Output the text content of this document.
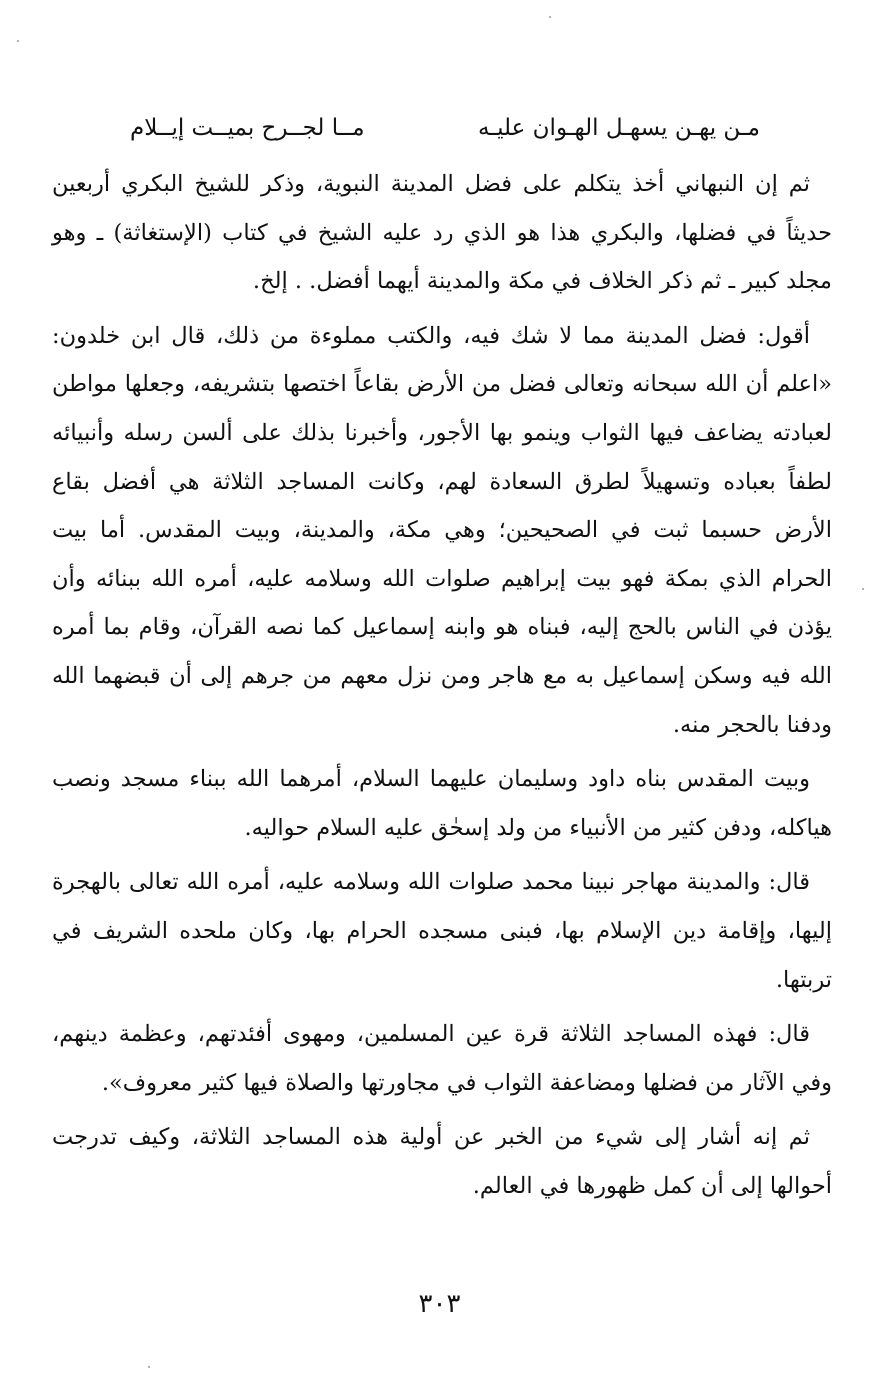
مـن يهـن يسهـل الهـوان عليـه
مــا لجــرح بميــت إيــلام

ثم إن النبهاني أخذ يتكلم على فضل المدينة النبوية، وذكر للشيخ البكري أربعين حديثاً في فضلها، والبكري هذا هو الذي رد عليه الشيخ في كتاب (الإستغاثة) ـ وهو مجلد كبير ـ ثم ذكر الخلاف في مكة والمدينة أيهما أفضل. . إلخ.

أقول: فضل المدينة مما لا شك فيه، والكتب مملوءة من ذلك، قال ابن خلدون: «اعلم أن الله سبحانه وتعالى فضل من الأرض بقاعاً اختصها بتشريفه، وجعلها مواطن لعبادته يضاعف فيها الثواب وينمو بها الأجور، وأخبرنا بذلك على ألسن رسله وأنبيائه لطفاً بعباده وتسهيلاً لطرق السعادة لهم، وكانت المساجد الثلاثة هي أفضل بقاع الأرض حسبما ثبت في الصحيحين؛ وهي مكة، والمدينة، وبيت المقدس. أما بيت الحرام الذي بمكة فهو بيت إبراهيم صلوات الله وسلامه عليه، أمره الله ببنائه وأن يؤذن في الناس بالحج إليه، فبناه هو وابنه إسماعيل كما نصه القرآن، وقام بما أمره الله فيه وسكن إسماعيل به مع هاجر ومن نزل معهم من جرهم إلى أن قبضهما الله ودفنا بالحجر منه.

وبيت المقدس بناه داود وسليمان عليهما السلام، أمرهما الله ببناء مسجد ونصب هياكله، ودفن كثير من الأنبياء من ولد إسحٰق عليه السلام حواليه.

قال: والمدينة مهاجر نبينا محمد صلوات الله وسلامه عليه، أمره الله تعالى بالهجرة إليها، وإقامة دين الإسلام بها، فبنى مسجده الحرام بها، وكان ملحده الشريف في تربتها.

قال: فهذه المساجد الثلاثة قرة عين المسلمين، ومهوى أفئدتهم، وعظمة دينهم، وفي الآثار من فضلها ومضاعفة الثواب في مجاورتها والصلاة فيها كثير معروف».

ثم إنه أشار إلى شيء من الخبر عن أولية هذه المساجد الثلاثة، وكيف تدرجت أحوالها إلى أن كمل ظهورها في العالم.

٣٠٣
